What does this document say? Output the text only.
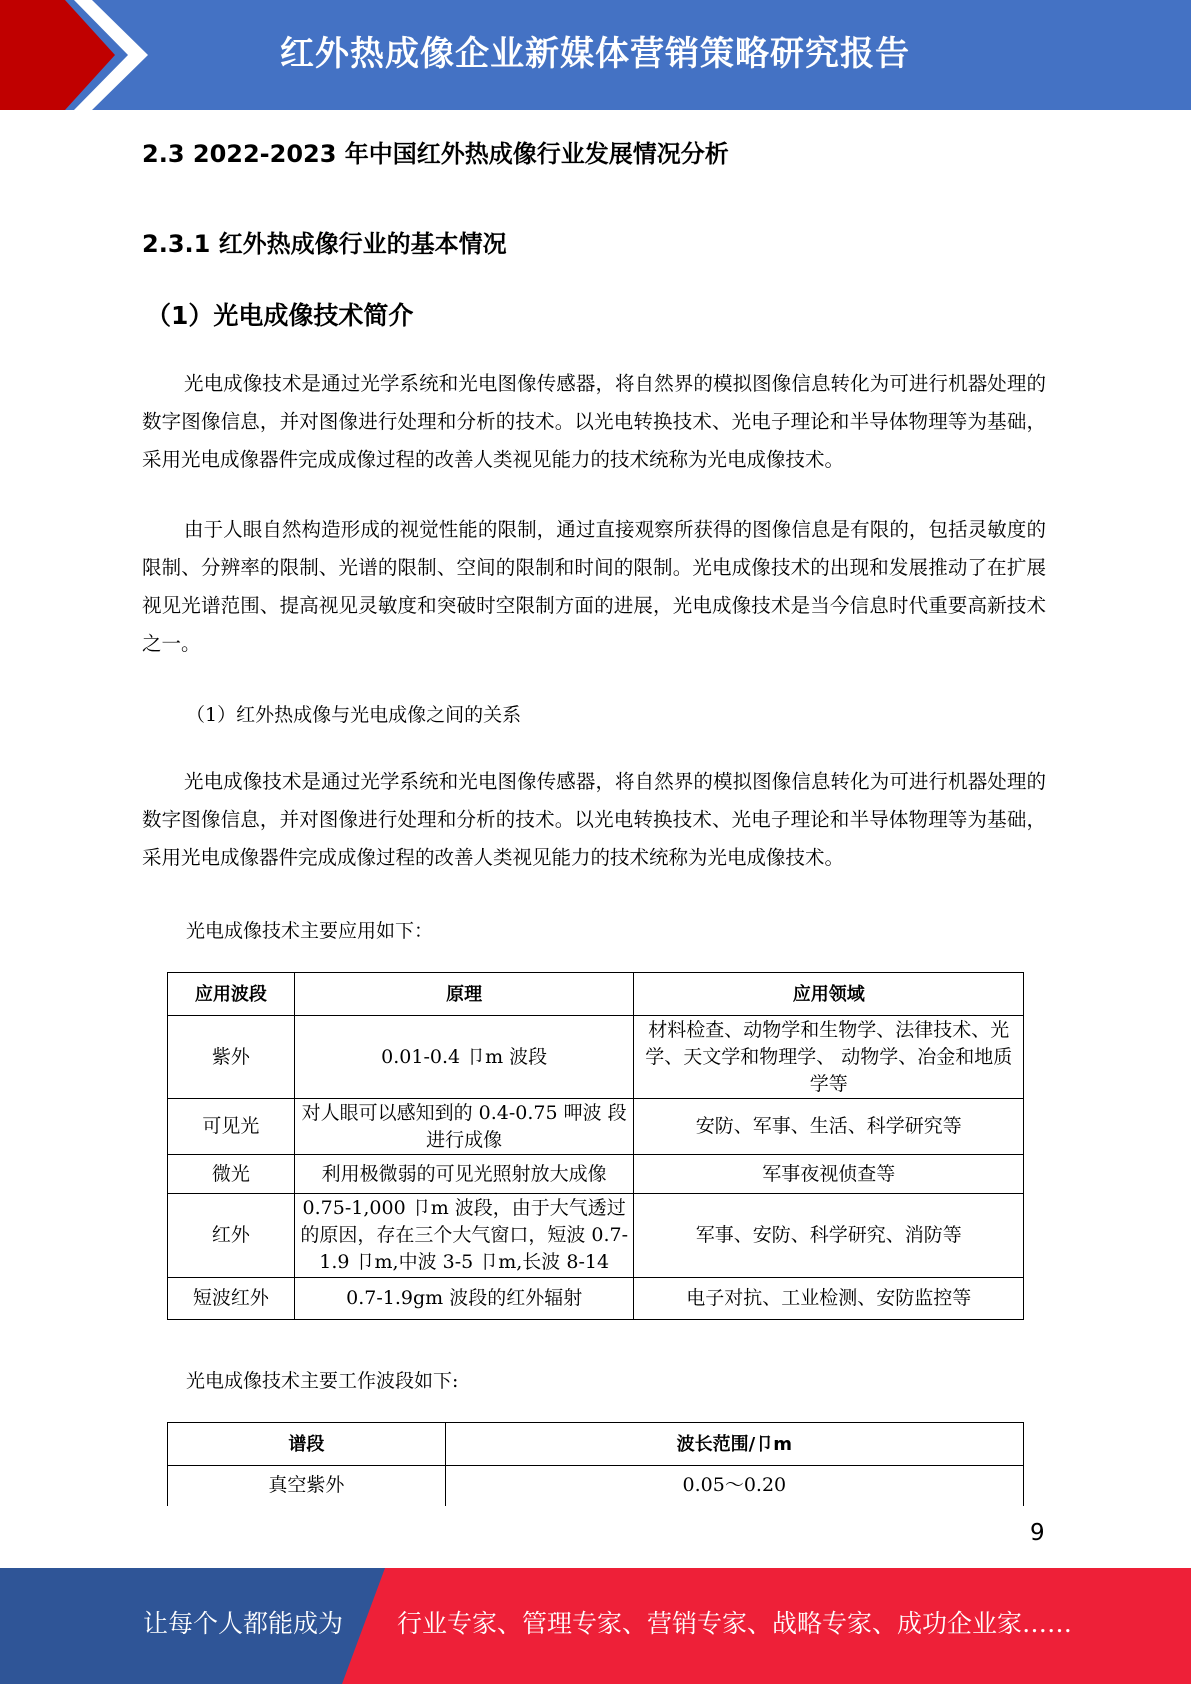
红外热成像企业新媒体营销策略研究报告
2.3 2022-2023 年中国红外热成像行业发展情况分析
2.3.1 红外热成像行业的基本情况
（1）光电成像技术简介

光电成像技术是通过光学系统和光电图像传感器，将自然界的模拟图像信息转化为可进行机器处理的数字图像信息，并对图像进行处理和分析的技术。以光电转换技术、光电子理论和半导体物理等为基础，采用光电成像器件完成成像过程的改善人类视见能力的技术统称为光电成像技术。

由于人眼自然构造形成的视觉性能的限制，通过直接观察所获得的图像信息是有限的，包括灵敏度的限制、分辨率的限制、光谱的限制、空间的限制和时间的限制。光电成像技术的出现和发展推动了在扩展视见光谱范围、提高视见灵敏度和突破时空限制方面的进展，光电成像技术是当今信息时代重要高新技术之一。

（1）红外热成像与光电成像之间的关系

光电成像技术是通过光学系统和光电图像传感器，将自然界的模拟图像信息转化为可进行机器处理的数字图像信息，并对图像进行处理和分析的技术。以光电转换技术、光电子理论和半导体物理等为基础，采用光电成像器件完成成像过程的改善人类视见能力的技术统称为光电成像技术。

光电成像技术主要应用如下：
应用波段	原理	应用领域
紫外	0.01-0.4 卩m 波段	材料检查、动物学和生物学、法律技术、光学、天文学和物理学、 动物学、冶金和地质学等
可见光	对人眼可以感知到的 0.4-0.75 呷波 段进行成像	安防、军事、生活、科学研究等
微光	利用极微弱的可见光照射放大成像	军事夜视侦查等
红外	0.75-1,000 卩m 波段，由于大气透过的原因，存在三个大气窗口，短波 0.7-1.9 卩m,中波 3-5 卩m,长波 8-14	军事、安防、科学研究、消防等
短波红外	0.7-1.9gm 波段的红外辐射	电子对抗、工业检测、安防监控等
光电成像技术主要工作波段如下:
谱段	波长范围/卩m
真空紫外	0.05～0.20
9
让每个人都能成为 行业专家、管理专家、营销专家、战略专家、成功企业家……
